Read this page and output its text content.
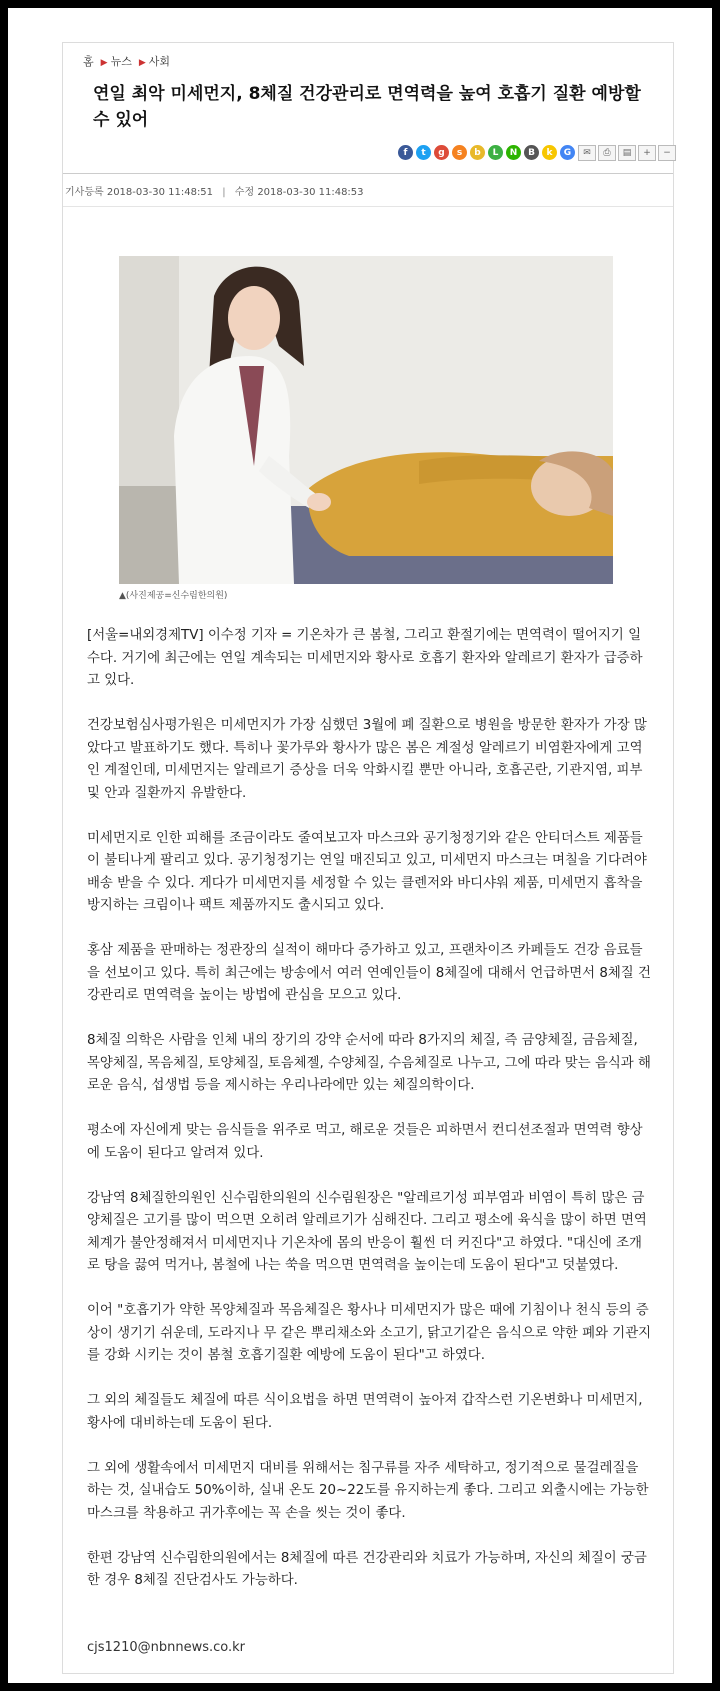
홈 ▶ 뉴스 ▶ 사회
연일 최악 미세먼지, 8체질 건강관리로 면역력을 높여 호흡기 질환 예방할 수 있어
f	t	g	s	b	L	N	B	k	G	✉	⎙	▤	+	−
기사등록 2018-03-30 11:48:51 | 수정 2018-03-30 11:48:53
▲(사진제공=신수림한의원)

[서울=내외경제TV] 이수정 기자 = 기온차가 큰 봄철, 그리고 환절기에는 면역력이 떨어지기 일수다. 거기에 최근에는 연일 계속되는 미세먼지와 황사로 호흡기 환자와 알레르기 환자가 급증하고 있다.

건강보험심사평가원은 미세먼지가 가장 심했던 3월에 폐 질환으로 병원을 방문한 환자가 가장 많았다고 발표하기도 했다. 특히나 꽃가루와 황사가 많은 봄은 계절성 알레르기 비염환자에게 고역인 계절인데, 미세먼지는 알레르기 증상을 더욱 악화시킬 뿐만 아니라, 호흡곤란, 기관지염, 피부 및 안과 질환까지 유발한다.

미세먼지로 인한 피해를 조금이라도 줄여보고자 마스크와 공기청정기와 같은 안티더스트 제품들이 불티나게 팔리고 있다. 공기청정기는 연일 매진되고 있고, 미세먼지 마스크는 며칠을 기다려야 배송 받을 수 있다. 게다가 미세먼지를 세정할 수 있는 클렌저와 바디샤워 제품, 미세먼지 흡착을 방지하는 크림이나 팩트 제품까지도 출시되고 있다.

홍삼 제품을 판매하는 정관장의 실적이 해마다 증가하고 있고, 프랜차이즈 카페들도 건강 음료들을 선보이고 있다. 특히 최근에는 방송에서 여러 연예인들이 8체질에 대해서 언급하면서 8체질 건강관리로 면역력을 높이는 방법에 관심을 모으고 있다.

8체질 의학은 사람을 인체 내의 장기의 강약 순서에 따라 8가지의 체질, 즉 금양체질, 금음체질, 목양체질, 목음체질, 토양체질, 토음체젤, 수양체질, 수음체질로 나누고, 그에 따라 맞는 음식과 해로운 음식, 섭생법 등을 제시하는 우리나라에만 있는 체질의학이다.

평소에 자신에게 맞는 음식들을 위주로 먹고, 해로운 것들은 피하면서 컨디션조절과 면역력 향상에 도움이 된다고 알려져 있다.

강남역 8체질한의원인 신수림한의원의 신수림원장은 "알레르기성 피부염과 비염이 특히 많은 금양체질은 고기를 많이 먹으면 오히려 알레르기가 심해진다. 그리고 평소에 육식을 많이 하면 면역체계가 불안정해져서 미세먼지나 기온차에 몸의 반응이 훨씬 더 커진다"고 하였다. "대신에 조개로 탕을 끓여 먹거나, 봄철에 나는 쑥을 먹으면 면역력을 높이는데 도움이 된다"고 덧붙였다.

이어 "호흡기가 약한 목양체질과 목음체질은 황사나 미세먼지가 많은 때에 기침이나 천식 등의 증상이 생기기 쉬운데, 도라지나 무 같은 뿌리채소와 소고기, 닭고기같은 음식으로 약한 폐와 기관지를 강화 시키는 것이 봄철 호흡기질환 예방에 도움이 된다"고 하였다.

그 외의 체질들도 체질에 따른 식이요법을 하면 면역력이 높아져 갑작스런 기온변화나 미세먼지, 황사에 대비하는데 도움이 된다.

그 외에 생활속에서 미세먼지 대비를 위해서는 침구류를 자주 세탁하고, 정기적으로 물걸레질을 하는 것, 실내습도 50%이하, 실내 온도 20~22도를 유지하는게 좋다. 그리고 외출시에는 가능한 마스크를 착용하고 귀가후에는 꼭 손을 씻는 것이 좋다.

한편 강남역 신수림한의원에서는 8체질에 따른 건강관리와 치료가 가능하며, 자신의 체질이 궁금한 경우 8체질 진단검사도 가능하다.

cjs1210@nbnnews.co.kr
